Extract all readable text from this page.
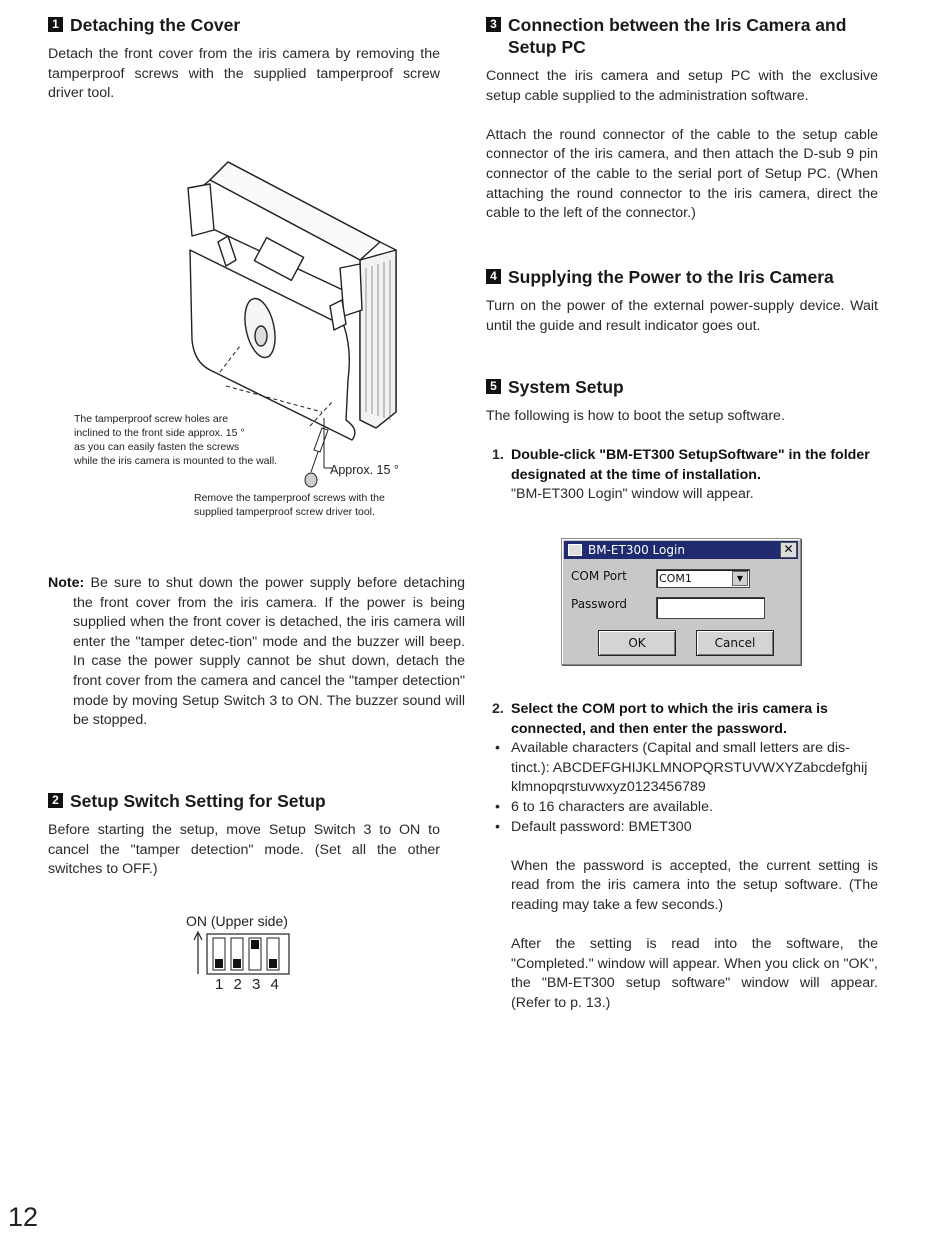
1 Detaching the Cover

Detach the front cover from the iris camera by removing the tamperproof screws with the supplied tamperproof screw driver tool.

The tamperproof screw holes are
inclined to the front side approx. 15 °
as you can easily fasten the screws
while the iris camera is mounted to the wall.
Approx. 15 °
Remove the tamperproof screws with the
supplied tamperproof screw driver tool.
Note: Be sure to shut down the power supply before detaching the front cover from the iris camera. If the power is being supplied when the front cover is detached, the iris camera will enter the "tamper detec-tion" mode and the buzzer will beep. In case the power supply cannot be shut down, detach the front cover from the camera and cancel the "tamper detection" mode by moving Setup Switch 3 to ON. The buzzer sound will be stopped.
2 Setup Switch Setting for Setup

Before starting the setup, move Setup Switch 3 to ON to cancel the "tamper detection" mode. (Set all the other switches to OFF.)

ON (Upper side)
1 2 3 4
3 Connection between the Iris Camera and
Setup PC

Connect the iris camera and setup PC with the exclusive setup cable supplied to the administration software.

Attach the round connector of the cable to the setup cable connector of the iris camera, and then attach the D-sub 9 pin connector of the cable to the serial port of Setup PC. (When attaching the round connector to the iris camera, direct the cable to the left of the connector.)

4 Supplying the Power to the Iris Camera

Turn on the power of the external power-supply device. Wait until the guide and result indicator goes out.

5 System Setup

The following is how to boot the setup software.

1. Double-click "BM-ET300 SetupSoftware" in the folder designated at the time of installation.
"BM-ET300 Login" window will appear.
BM-ET300 Login	✕
COM Port	COM1	▼
Password
OK	Cancel
2. Select the COM port to which the iris camera is connected, and then enter the password.
• Available characters (Capital and small letters are dis-tinct.): ABCDEFGHIJKLMNOPQRSTUVWXYZabcdefghij klmnopqrstuvwxyz0123456789
• 6 to 16 characters are available.
• Default password: BMET300

When the password is accepted, the current setting is read from the iris camera into the setup software. (The reading may take a few seconds.)

After the setting is read into the software, the "Completed." window will appear. When you click on "OK", the "BM-ET300 setup software" window will appear. (Refer to p. 13.)

12
